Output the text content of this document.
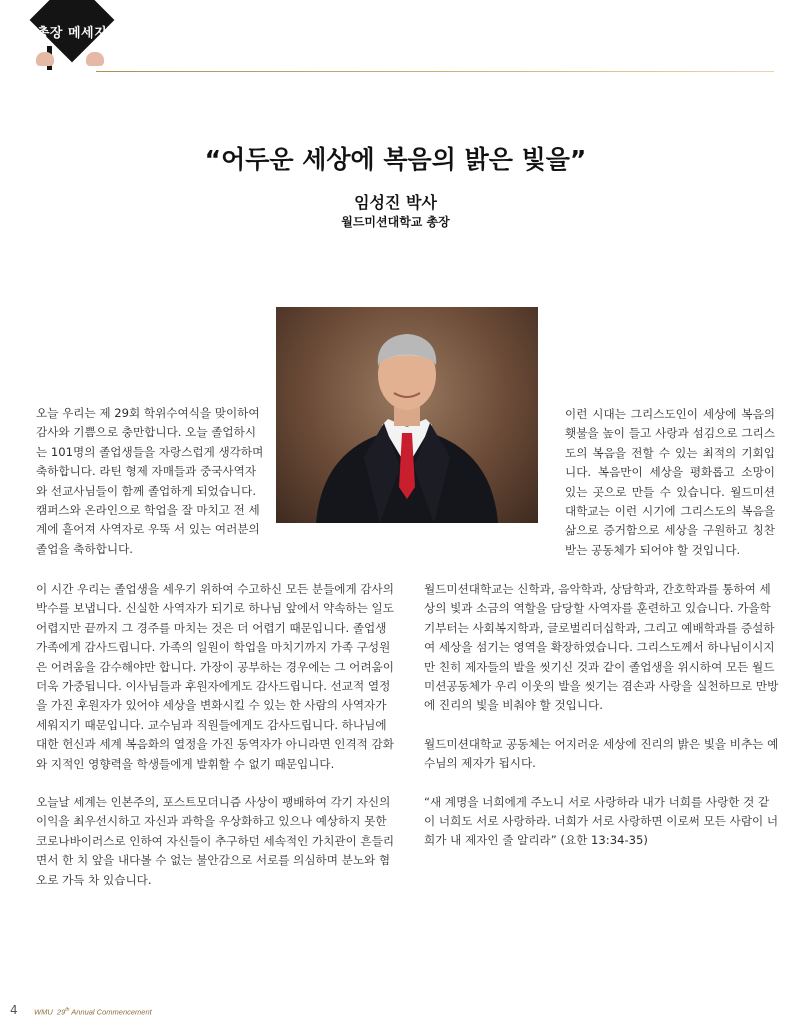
총장 메세지
“어두운 세상에 복음의 밝은 빛을”
임성진 박사
월드미션대학교 총장

오늘 우리는 제 29회 학위수여식을 맞이하여 감사와 기쁨으로 충만합니다. 오늘 졸업하시는 101명의 졸업생들을 자랑스럽게 생각하며 축하합니다. 라틴 형제 자매들과 중국사역자와 선교사님들이 함께 졸업하게 되었습니다. 캠퍼스와 온라인으로 학업을 잘 마치고 전 세계에 흩어져 사역자로 우뚝 서 있는 여러분의 졸업을 축하합니다.

이런 시대는 그리스도인이 세상에 복음의 횃불을 높이 들고 사랑과 섬김으로 그리스도의 복음을 전할 수 있는 최적의 기회입니다. 복음만이 세상을 평화롭고 소망이 있는 곳으로 만들 수 있습니다. 월드미션대학교는 이런 시기에 그리스도의 복음을 삶으로 증거함으로 세상을 구원하고 칭찬받는 공동체가 되어야 할 것입니다.

이 시간 우리는 졸업생을 세우기 위하여 수고하신 모든 분들에게 감사의 박수를 보냅니다. 신실한 사역자가 되기로 하나님 앞에서 약속하는 일도 어렵지만 끝까지 그 경주를 마치는 것은 더 어렵기 때문입니다. 졸업생 가족에게 감사드립니다. 가족의 일원이 학업을 마치기까지 가족 구성원은 어려움을 감수해야만 합니다. 가장이 공부하는 경우에는 그 어려움이 더욱 가중됩니다. 이사님들과 후원자에게도 감사드립니다. 선교적 열정을 가진 후원자가 있어야 세상을 변화시킬 수 있는 한 사람의 사역자가 세워지기 때문입니다. 교수님과 직원들에게도 감사드립니다. 하나님에 대한 헌신과 세계 복음화의 열정을 가진 동역자가 아니라면 인격적 감화와 지적인 영향력을 학생들에게 발휘할 수 없기 때문입니다.

오늘날 세계는 인본주의, 포스트모더니즘 사상이 팽배하여 각기 자신의 이익을 최우선시하고 자신과 과학을 우상화하고 있으나 예상하지 못한 코로나바이러스로 인하여 자신들이 추구하던 세속적인 가치관이 흔들리면서 한 치 앞을 내다볼 수 없는 불안감으로 서로를 의심하며 분노와 혐오로 가득 차 있습니다.

월드미션대학교는 신학과, 음악학과, 상담학과, 간호학과를 통하여 세상의 빛과 소금의 역할을 담당할 사역자를 훈련하고 있습니다. 가을학기부터는 사회복지학과, 글로벌리더십학과, 그리고 예배학과를 증설하여 세상을 섬기는 영역을 확장하였습니다. 그리스도께서 하나님이시지만 친히 제자들의 발을 씻기신 것과 같이 졸업생을 위시하여 모든 월드미션공동체가 우리 이웃의 발을 씻기는 겸손과 사랑을 실천하므로 만방에 진리의 빛을 비춰야 할 것입니다.

월드미션대학교 공동체는 어지러운 세상에 진리의 밝은 빛을 비추는 예수님의 제자가 됩시다.

“새 계명을 너희에게 주노니 서로 사랑하라 내가 너희를 사랑한 것 같이 너희도 서로 사랑하라. 너희가 서로 사랑하면 이로써 모든 사람이 너희가 내 제자인 줄 알리라” (요한 13:34-35)

4 WMU 29th Annual Commencement
